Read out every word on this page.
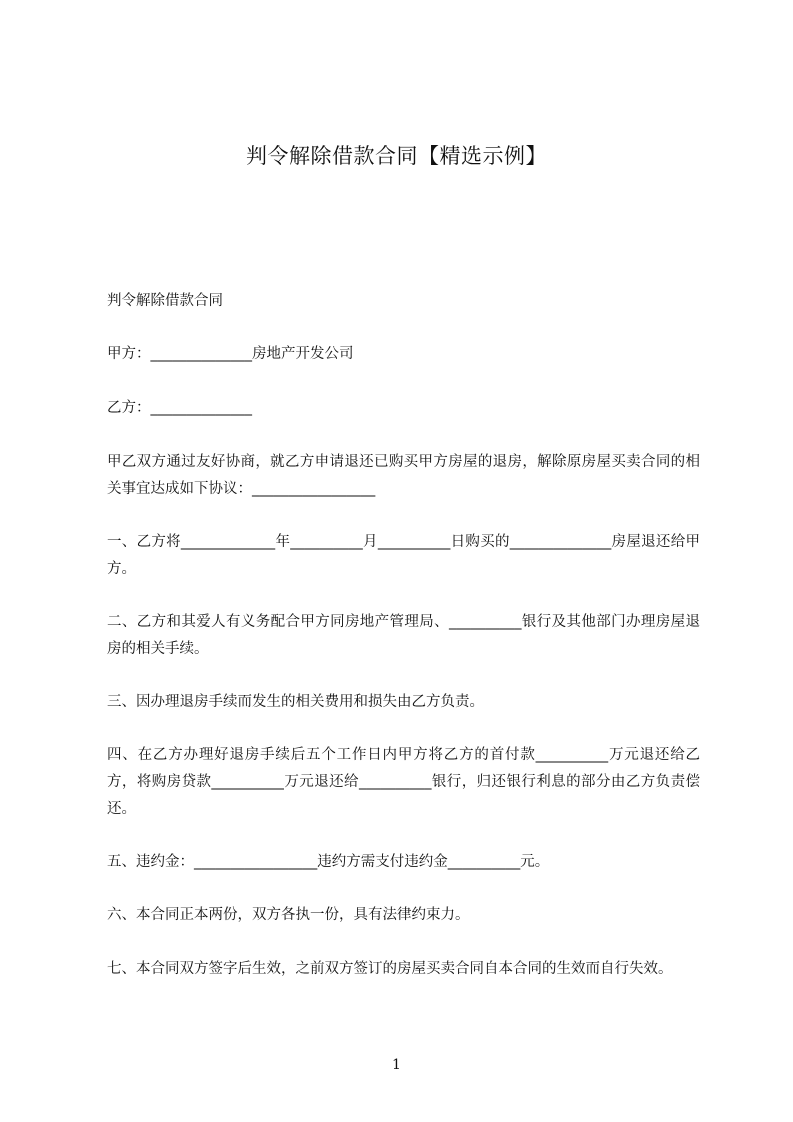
判令解除借款合同【精选示例】
判令解除借款合同
甲方：______________房地产开发公司
乙方：______________
甲乙双方通过友好协商，就乙方申请退还已购买甲方房屋的退房，解除原房屋买卖合同的相关事宜达成如下协议：_________________
一、乙方将_____________年__________月__________日购买的______________房屋退还给甲方。
二、乙方和其爱人有义务配合甲方同房地产管理局、__________银行及其他部门办理房屋退房的相关手续。
三、因办理退房手续而发生的相关费用和损失由乙方负责。
四、在乙方办理好退房手续后五个工作日内甲方将乙方的首付款__________万元退还给乙方，将购房贷款__________万元退还给__________银行，归还银行利息的部分由乙方负责偿还。
五、违约金：_________________违约方需支付违约金__________元。
六、本合同正本两份，双方各执一份，具有法律约束力。
七、本合同双方签字后生效，之前双方签订的房屋买卖合同自本合同的生效而自行失效。
1
